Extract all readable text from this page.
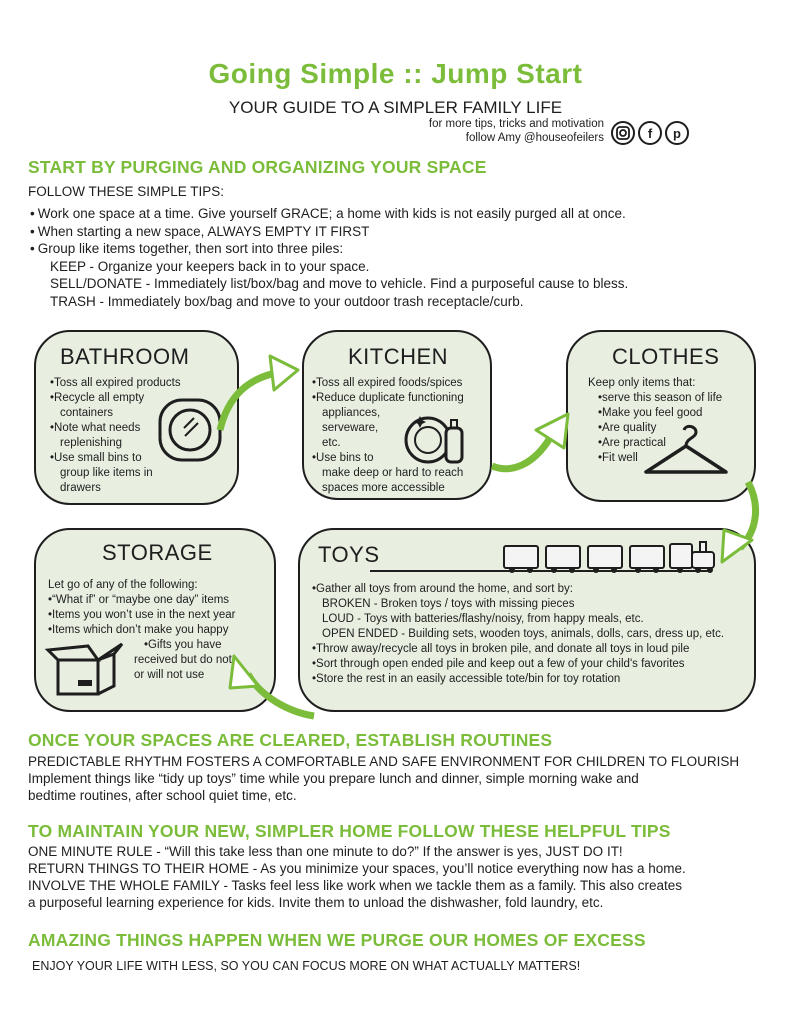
Going Simple :: Jump Start
YOUR GUIDE TO A SIMPLER FAMILY LIFE
for more tips, tricks and motivation
follow Amy @houseofeilers	f	p
START BY PURGING AND ORGANIZING YOUR SPACE
FOLLOW THESE SIMPLE TIPS:
• Work one space at a time. Give yourself GRACE; a home with kids is not easily purged all at once.
• When starting a new space, ALWAYS EMPTY IT FIRST
• Group like items together, then sort into three piles:
KEEP - Organize your keepers back in to your space.
SELL/DONATE - Immediately list/box/bag and move to vehicle. Find a purposeful cause to bless.
TRASH - Immediately box/bag and move to your outdoor trash receptacle/curb.
BATHROOM
•Toss all expired products
•Recycle all empty
containers
•Note what needs
replenishing
•Use small bins to
group like items in
drawers
KITCHEN
•Toss all expired foods/spices
•Reduce duplicate functioning
appliances,
serveware,
etc.
•Use bins to
make deep or hard to reach
spaces more accessible
CLOTHES
Keep only items that:
•serve this season of life
•Make you feel good
•Are quality
•Are practical
•Fit well
STORAGE
Let go of any of the following:
•“What if” or “maybe one day” items
•Items you won’t use in the next year
•Items which don’t make you happy
•Gifts you have
received but do not
or will not use
TOYS
•Gather all toys from around the home, and sort by:
BROKEN - Broken toys / toys with missing pieces
LOUD - Toys with batteries/flashy/noisy, from happy meals, etc.
OPEN ENDED - Building sets, wooden toys, animals, dolls, cars, dress up, etc.
•Throw away/recycle all toys in broken pile, and donate all toys in loud pile
•Sort through open ended pile and keep out a few of your child's favorites
•Store the rest in an easily accessible tote/bin for toy rotation
ONCE YOUR SPACES ARE CLEARED, ESTABLISH ROUTINES
PREDICTABLE RHYTHM FOSTERS A COMFORTABLE AND SAFE ENVIRONMENT FOR CHILDREN TO FLOURISH
Implement things like “tidy up toys” time while you prepare lunch and dinner, simple morning wake and
bedtime routines, after school quiet time, etc.
TO MAINTAIN YOUR NEW, SIMPLER HOME FOLLOW THESE HELPFUL TIPS
ONE MINUTE RULE - “Will this take less than one minute to do?” If the answer is yes, JUST DO IT!
RETURN THINGS TO THEIR HOME - As you minimize your spaces, you’ll notice everything now has a home.
INVOLVE THE WHOLE FAMILY - Tasks feel less like work when we tackle them as a family. This also creates
a purposeful learning experience for kids. Invite them to unload the dishwasher, fold laundry, etc.
AMAZING THINGS HAPPEN WHEN WE PURGE OUR HOMES OF EXCESS
ENJOY YOUR LIFE WITH LESS, SO YOU CAN FOCUS MORE ON WHAT ACTUALLY MATTERS!
